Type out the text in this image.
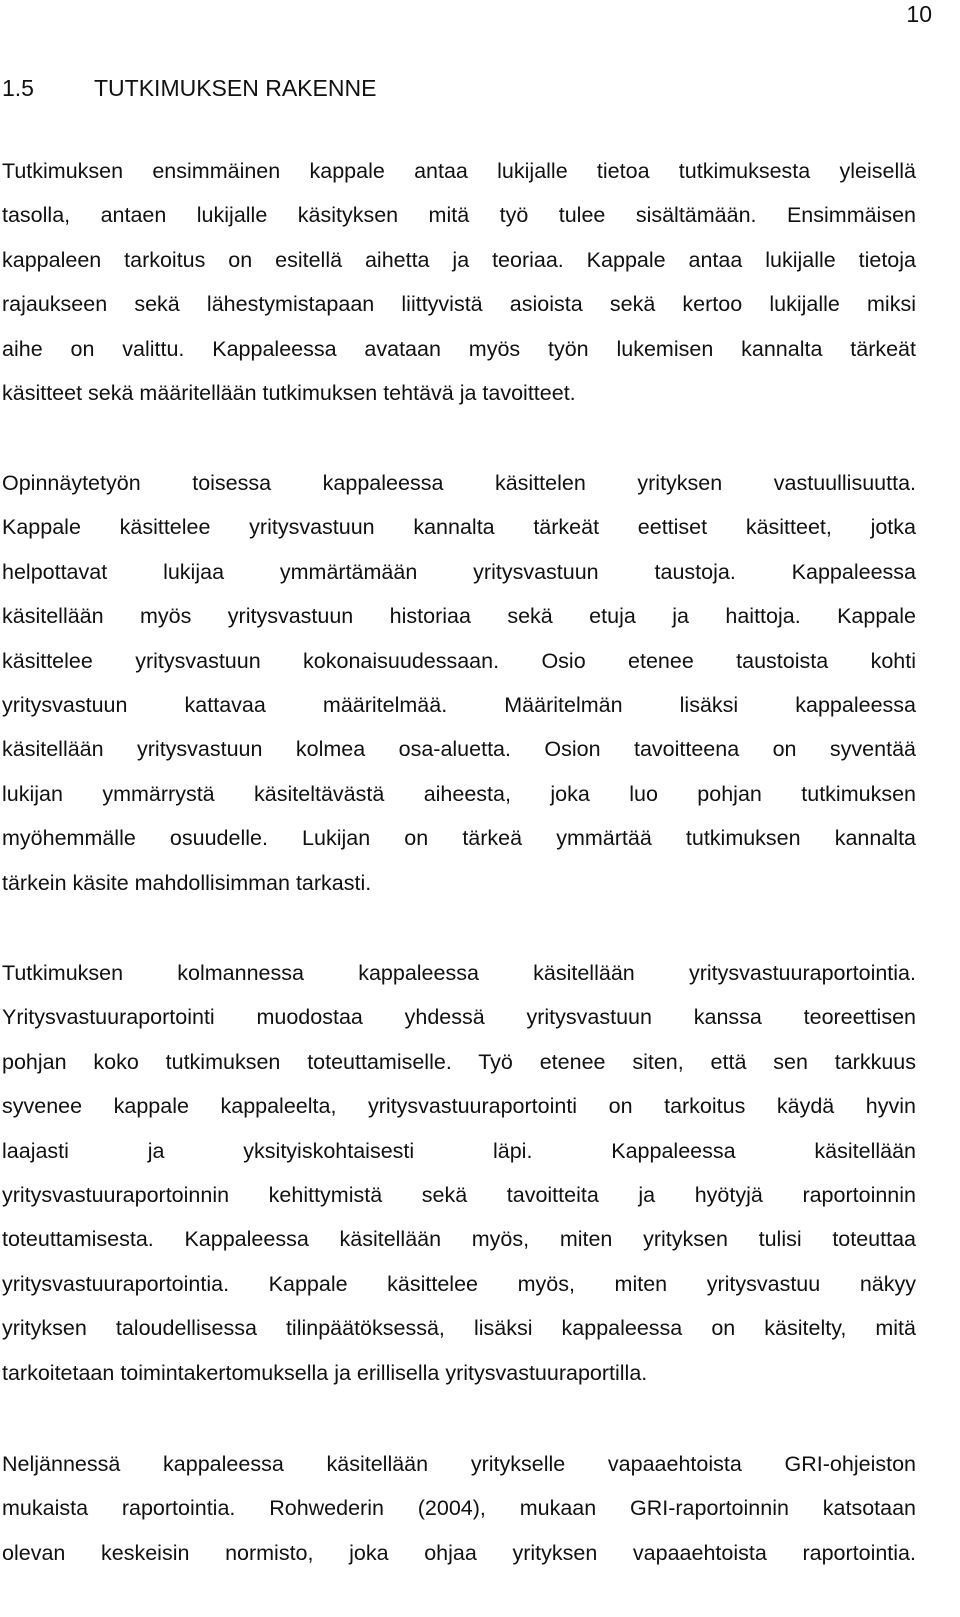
10
1.5	TUTKIMUKSEN RAKENNE
Tutkimuksen ensimmäinen kappale antaa lukijalle tietoa tutkimuksesta yleisellä
tasolla, antaen lukijalle käsityksen mitä työ tulee sisältämään. Ensimmäisen
kappaleen tarkoitus on esitellä aihetta ja teoriaa. Kappale antaa lukijalle tietoja
rajaukseen sekä lähestymistapaan liittyvistä asioista sekä kertoo lukijalle miksi
aihe on valittu. Kappaleessa avataan myös työn lukemisen kannalta tärkeät
käsitteet sekä määritellään tutkimuksen tehtävä ja tavoitteet.
Opinnäytetyön toisessa kappaleessa käsittelen yrityksen vastuullisuutta.
Kappale käsittelee yritysvastuun kannalta tärkeät eettiset käsitteet, jotka
helpottavat lukijaa ymmärtämään yritysvastuun taustoja. Kappaleessa
käsitellään myös yritysvastuun historiaa sekä etuja ja haittoja. Kappale
käsittelee yritysvastuun kokonaisuudessaan. Osio etenee taustoista kohti
yritysvastuun kattavaa määritelmää. Määritelmän lisäksi kappaleessa
käsitellään yritysvastuun kolmea osa-aluetta. Osion tavoitteena on syventää
lukijan ymmärrystä käsiteltävästä aiheesta, joka luo pohjan tutkimuksen
myöhemmälle osuudelle. Lukijan on tärkeä ymmärtää tutkimuksen kannalta
tärkein käsite mahdollisimman tarkasti.
Tutkimuksen kolmannessa kappaleessa käsitellään yritysvastuuraportointia.
Yritysvastuuraportointi muodostaa yhdessä yritysvastuun kanssa teoreettisen
pohjan koko tutkimuksen toteuttamiselle. Työ etenee siten, että sen tarkkuus
syvenee kappale kappaleelta, yritysvastuuraportointi on tarkoitus käydä hyvin
laajasti ja yksityiskohtaisesti läpi. Kappaleessa käsitellään
yritysvastuuraportoinnin kehittymistä sekä tavoitteita ja hyötyjä raportoinnin
toteuttamisesta. Kappaleessa käsitellään myös, miten yrityksen tulisi toteuttaa
yritysvastuuraportointia. Kappale käsittelee myös, miten yritysvastuu näkyy
yrityksen taloudellisessa tilinpäätöksessä, lisäksi kappaleessa on käsitelty, mitä
tarkoitetaan toimintakertomuksella ja erillisella yritysvastuuraportilla.
Neljännessä kappaleessa käsitellään yritykselle vapaaehtoista GRI-ohjeiston
mukaista raportointia. Rohwederin (2004), mukaan GRI-raportoinnin katsotaan
olevan keskeisin normisto, joka ohjaa yrityksen vapaaehtoista raportointia.
